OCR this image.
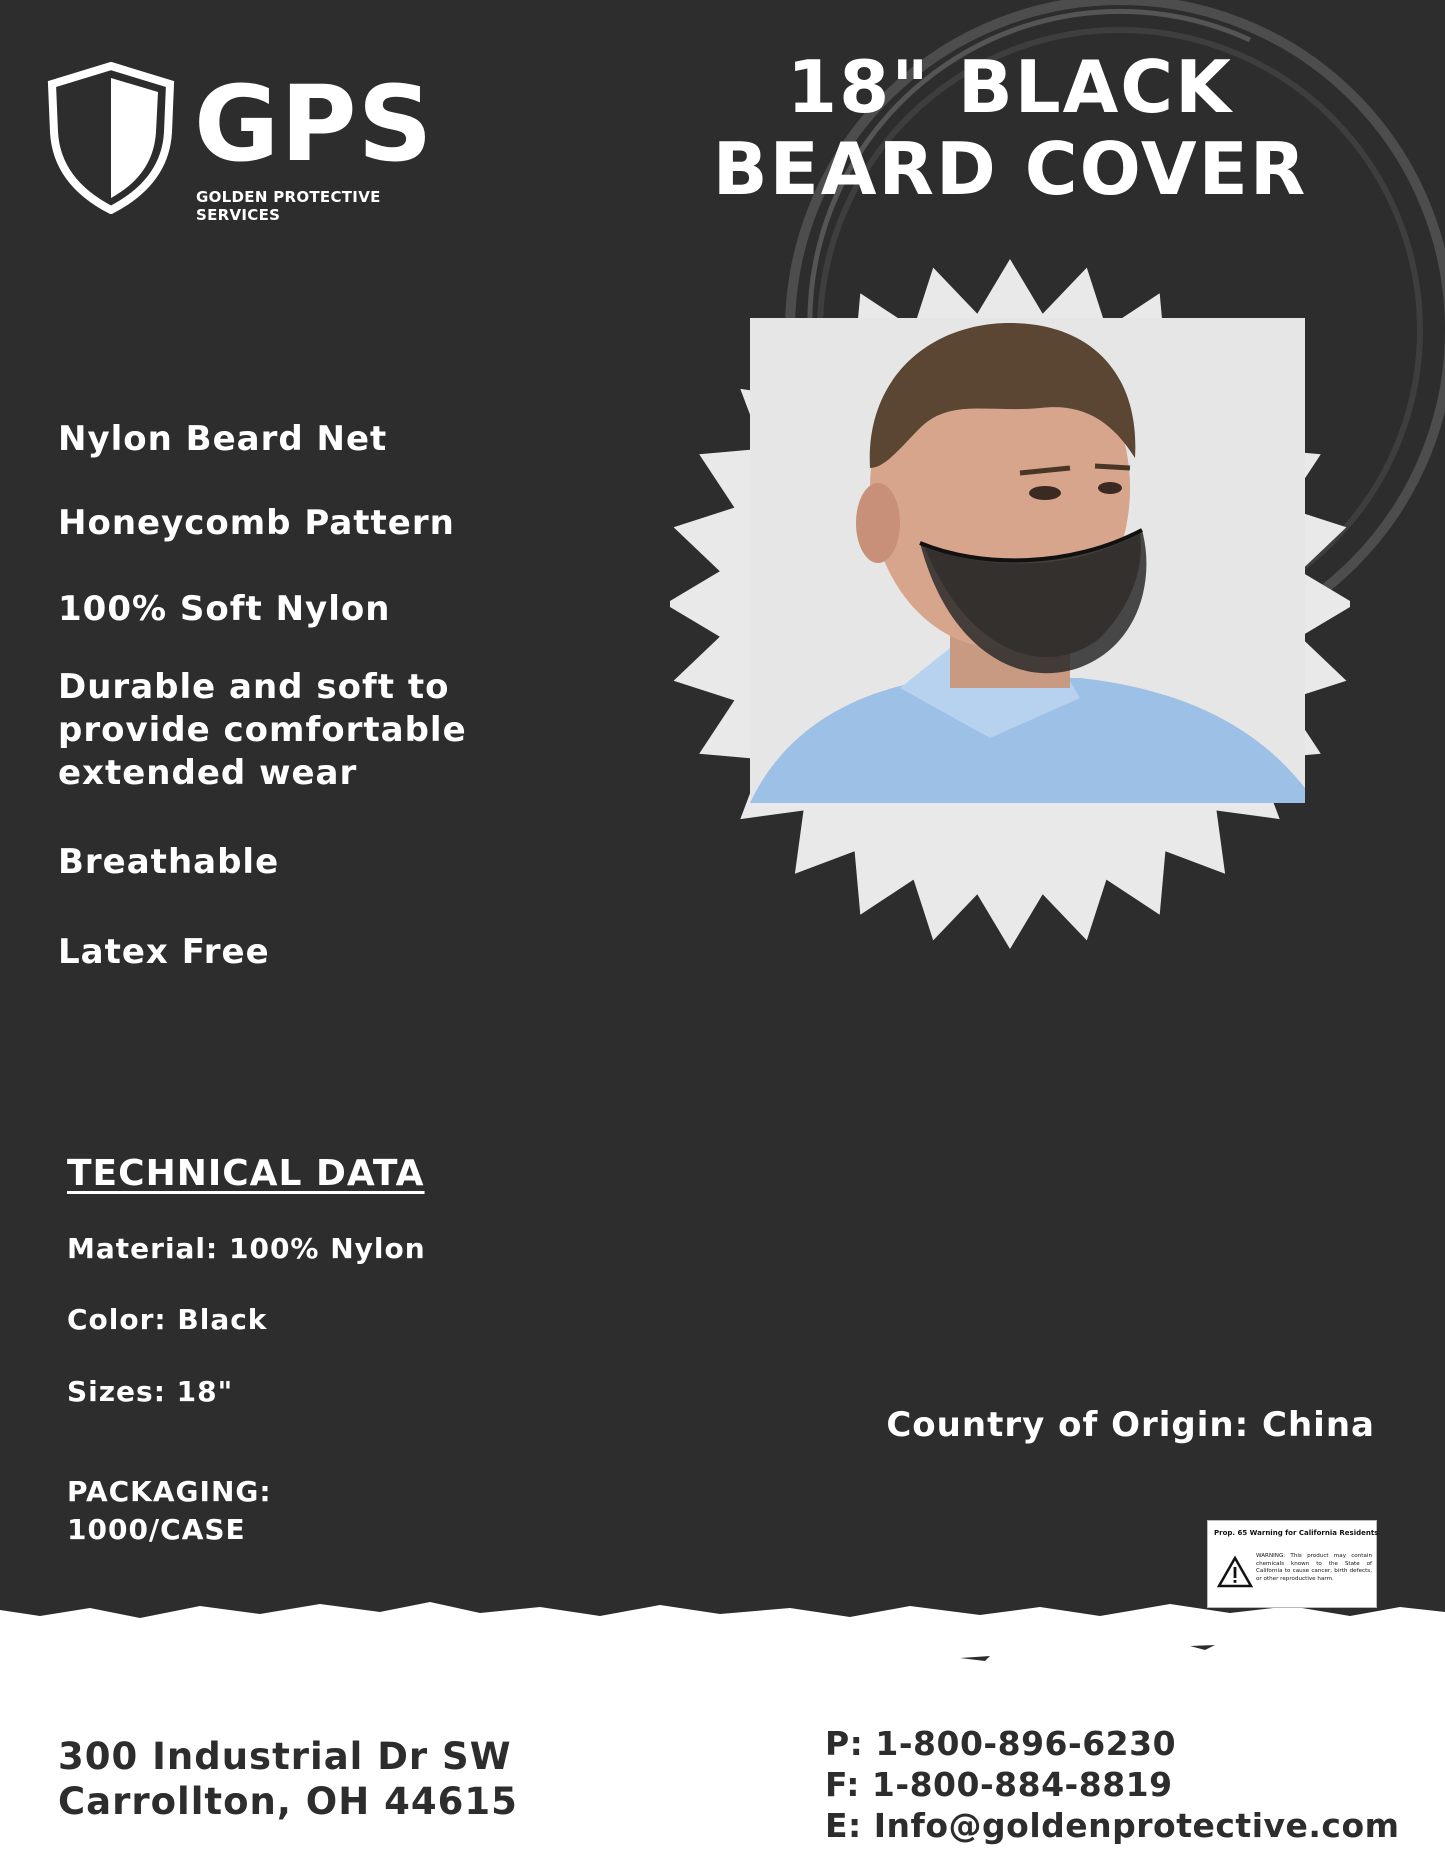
GPS
GOLDEN PROTECTIVE SERVICES
18" BLACK
BEARD COVER
Nylon Beard Net
Honeycomb Pattern
100% Soft Nylon
Durable and soft to provide comfortable extended wear
Breathable
Latex Free
TECHNICAL DATA
Material: 100% Nylon
Color: Black
Sizes: 18"
PACKAGING:
1000/CASE
Country of Origin: China
Prop. 65 Warning for California Residents
WARNING: This product may contain chemicals known to the State of California to cause cancer, birth defects, or other reproductive harm.
300 Industrial Dr SW
Carrollton, OH 44615
P: 1-800-896-6230
F: 1-800-884-8819
E: Info@goldenprotective.com
